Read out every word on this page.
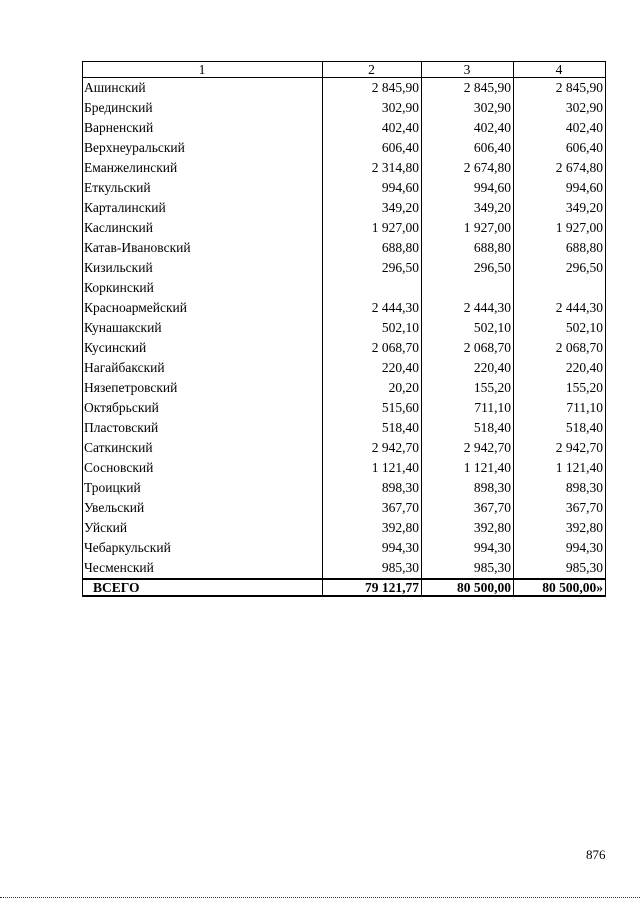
1	2	3	4
Ашинский	2 845,90	2 845,90	2 845,90
Брединский	302,90	302,90	302,90
Варненский	402,40	402,40	402,40
Верхнеуральский	606,40	606,40	606,40
Еманжелинский	2 314,80	2 674,80	2 674,80
Еткульский	994,60	994,60	994,60
Карталинский	349,20	349,20	349,20
Каслинский	1 927,00	1 927,00	1 927,00
Катав-Ивановский	688,80	688,80	688,80
Кизильский	296,50	296,50	296,50
Коркинский			
Красноармейский	2 444,30	2 444,30	2 444,30
Кунашакский	502,10	502,10	502,10
Кусинский	2 068,70	2 068,70	2 068,70
Нагайбакский	220,40	220,40	220,40
Нязепетровский	20,20	155,20	155,20
Октябрьский	515,60	711,10	711,10
Пластовский	518,40	518,40	518,40
Саткинский	2 942,70	2 942,70	2 942,70
Сосновский	1 121,40	1 121,40	1 121,40
Троицкий	898,30	898,30	898,30
Увельский	367,70	367,70	367,70
Уйский	392,80	392,80	392,80
Чебаркульский	994,30	994,30	994,30
Чесменский	985,30	985,30	985,30
ВСЕГО	79 121,77	80 500,00	80 500,00»
876
